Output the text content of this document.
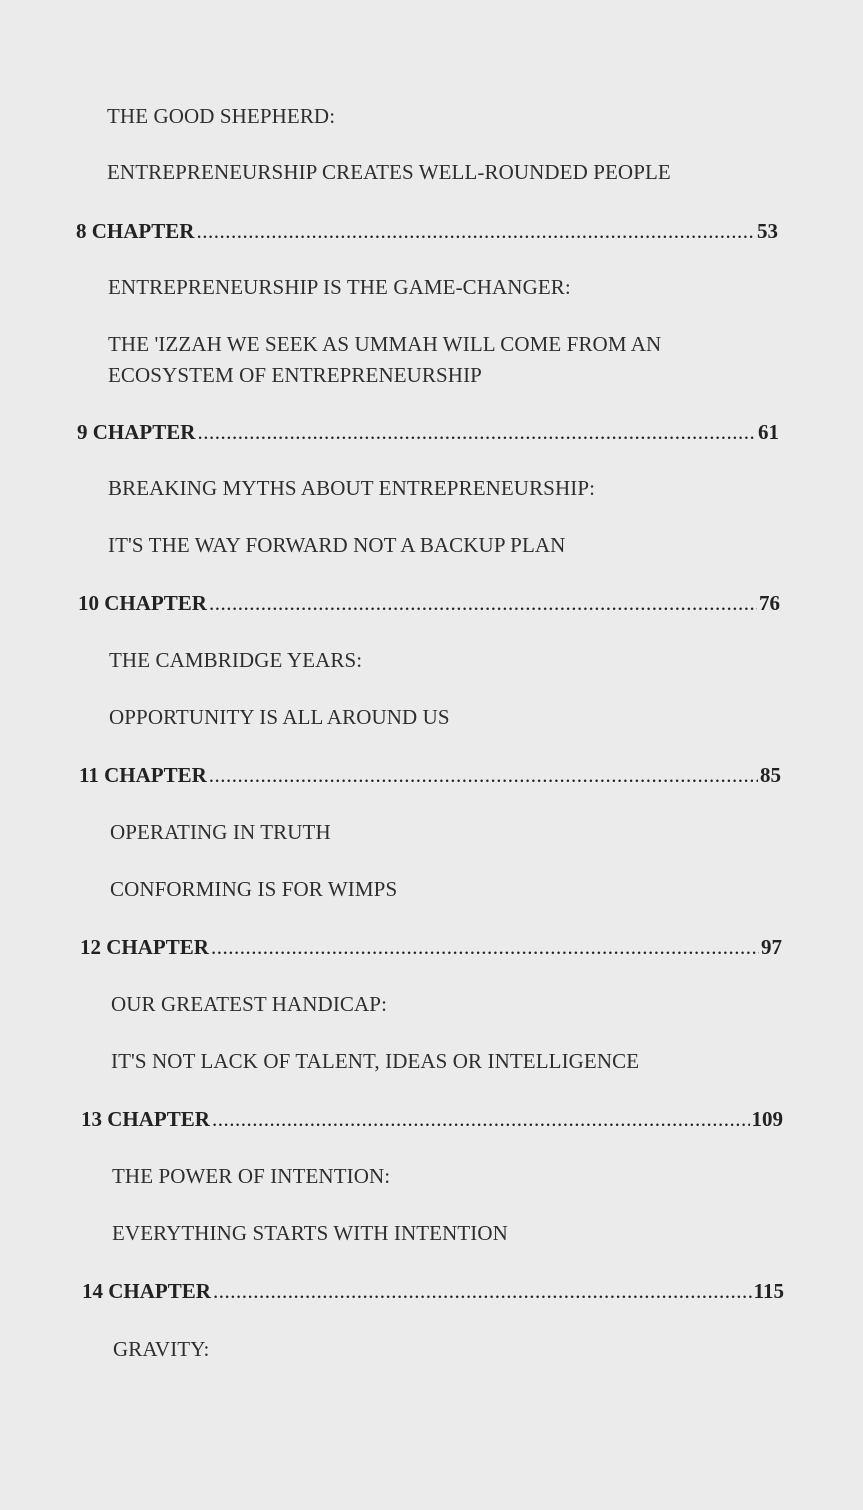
THE GOOD SHEPHERD:
ENTREPRENEURSHIP CREATES WELL-ROUNDED PEOPLE
8 CHAPTER .....	53
ENTREPRENEURSHIP IS THE GAME-CHANGER:
THE 'IZZAH WE SEEK AS UMMAH WILL COME FROM AN ECOSYSTEM OF ENTREPRENEURSHIP
9 CHAPTER .....	61
BREAKING MYTHS ABOUT ENTREPRENEURSHIP:
IT'S THE WAY FORWARD NOT A BACKUP PLAN
10 CHAPTER .....	76
THE CAMBRIDGE YEARS:
OPPORTUNITY IS ALL AROUND US
11 CHAPTER .....	85
OPERATING IN TRUTH
CONFORMING IS FOR WIMPS
12 CHAPTER .....	97
OUR GREATEST HANDICAP:
IT'S NOT LACK OF TALENT, IDEAS OR INTELLIGENCE
13 CHAPTER .....	109
THE POWER OF INTENTION:
EVERYTHING STARTS WITH INTENTION
14 CHAPTER .....	115
GRAVITY:
